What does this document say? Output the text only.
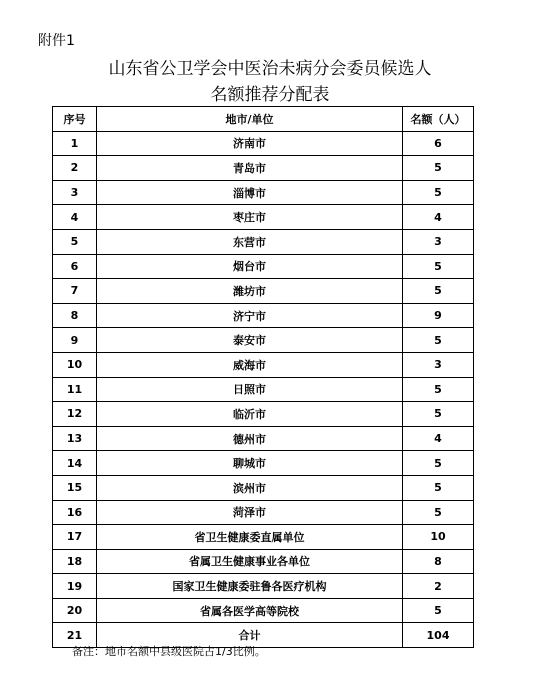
附件1
山东省公卫学会中医治未病分会委员候选人
名额推荐分配表
序号	地市/单位	名额（人）
1	济南市	6
2	青岛市	5
3	淄博市	5
4	枣庄市	4
5	东营市	3
6	烟台市	5
7	潍坊市	5
8	济宁市	9
9	泰安市	5
10	威海市	3
11	日照市	5
12	临沂市	5
13	德州市	4
14	聊城市	5
15	滨州市	5
16	菏泽市	5
17	省卫生健康委直属单位	10
18	省属卫生健康事业各单位	8
19	国家卫生健康委驻鲁各医疗机构	2
20	省属各医学高等院校	5
21	合计	104
备注：地市名额中县级医院占1/3比例。
